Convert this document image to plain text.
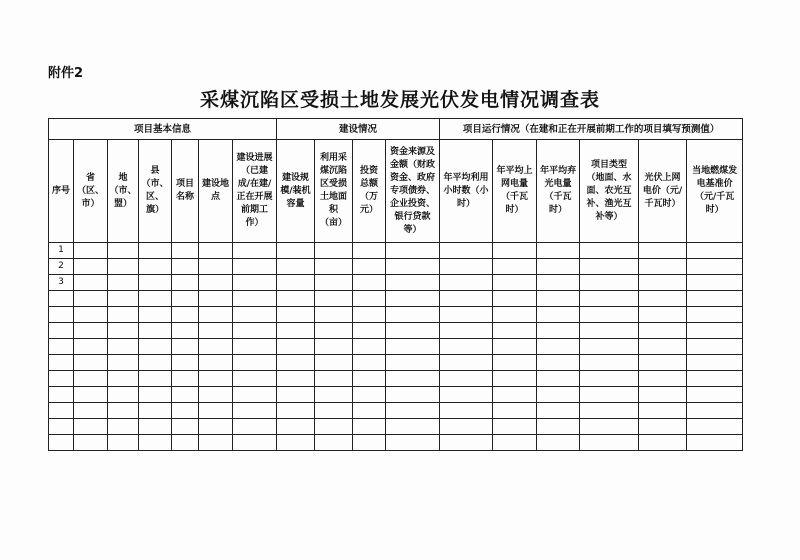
附件2
采煤沉陷区受损土地发展光伏发电情况调查表
项目基本信息							建设情况				项目运行情况（在建和正在开展前期工作的项目填写预测值）					

序号	省（区、市）	地（市、盟）	县（市、区、旗）	项目名称	建设地点	建设进展（已建成/在建/正在开展前期工作）	建设规模/装机容量	利用采煤沉陷区受损土地面积（亩）	投资总额（万元）	资金来源及金额（财政资金、政府专项债券、企业投资、银行贷款等）	年平均利用小时数（小时）	年平均上网电量（千瓦时）	年平均弃光电量（千瓦时）	项目类型（地面、水面、农光互补、渔光互补等）	光伏上网电价（元/千瓦时）	当地燃煤发电基准价（元/千瓦时）

1																
2																
3																
